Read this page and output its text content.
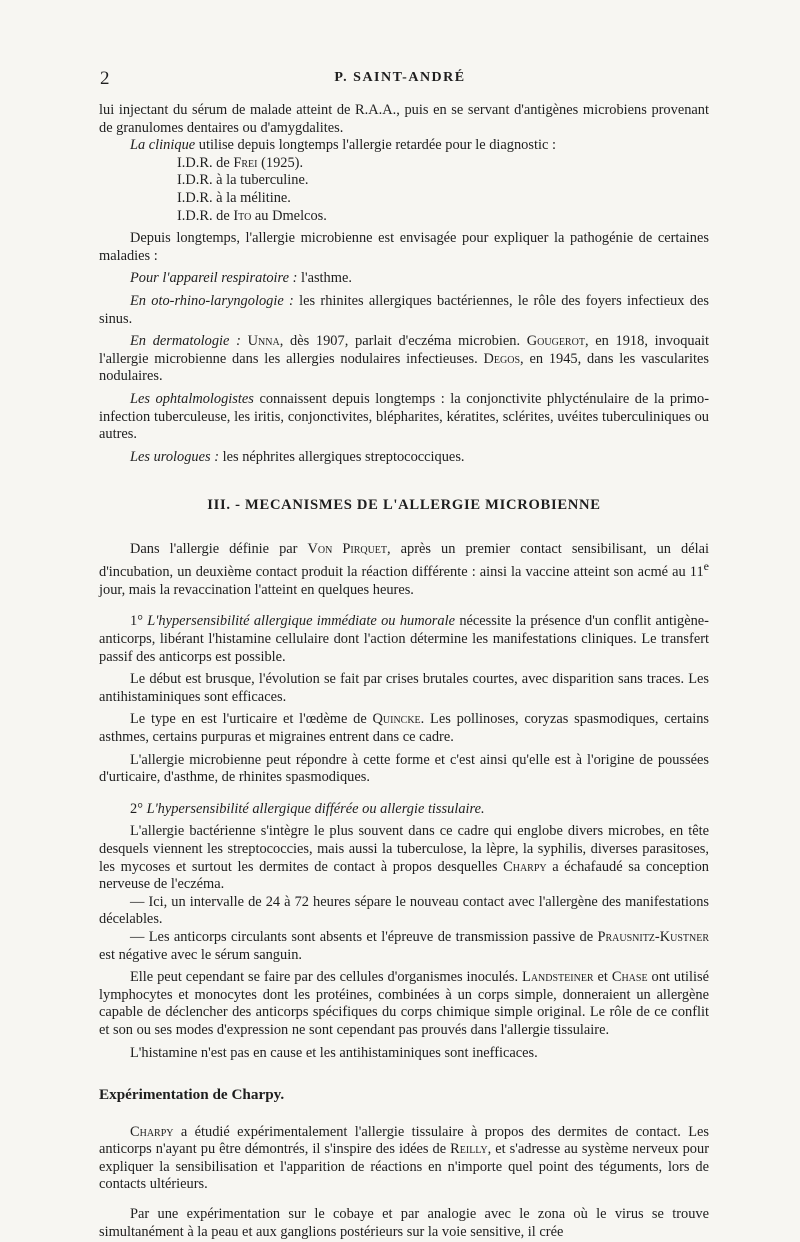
2	P. SAINT-ANDRÉ

lui injectant du sérum de malade atteint de R.A.A., puis en se servant d'antigènes microbiens provenant de granulomes dentaires ou d'amygdalites.

La clinique utilise depuis longtemps l'allergie retardée pour le diagnostic :

I.D.R. de Frei (1925).
I.D.R. à la tuberculine.
I.D.R. à la mélitine.
I.D.R. de Ito au Dmelcos.

Depuis longtemps, l'allergie microbienne est envisagée pour expliquer la pathogénie de certaines maladies :

Pour l'appareil respiratoire : l'asthme.

En oto-rhino-laryngologie : les rhinites allergiques bactériennes, le rôle des foyers infectieux des sinus.

En dermatologie : Unna, dès 1907, parlait d'eczéma microbien. Gougerot, en 1918, invoquait l'allergie microbienne dans les allergies nodulaires infectieuses. Degos, en 1945, dans les vascularites nodulaires.

Les ophtalmologistes connaissent depuis longtemps : la conjonctivite phlycténulaire de la primo-infection tuberculeuse, les iritis, conjonctivites, blépharites, kératites, sclérites, uvéites tuberculiniques ou autres.

Les urologues : les néphrites allergiques streptococciques.

III. - MECANISMES DE L'ALLERGIE MICROBIENNE

Dans l'allergie définie par Von Pirquet, après un premier contact sensibilisant, un délai d'incubation, un deuxième contact produit la réaction différente : ainsi la vaccine atteint son acmé au 11e jour, mais la revaccination l'atteint en quelques heures.

1° L'hypersensibilité allergique immédiate ou humorale nécessite la présence d'un conflit antigène-anticorps, libérant l'histamine cellulaire dont l'action détermine les manifestations cliniques. Le transfert passif des anticorps est possible.

Le début est brusque, l'évolution se fait par crises brutales courtes, avec disparition sans traces. Les antihistaminiques sont efficaces.

Le type en est l'urticaire et l'œdème de Quincke. Les pollinoses, coryzas spasmodiques, certains asthmes, certains purpuras et migraines entrent dans ce cadre.

L'allergie microbienne peut répondre à cette forme et c'est ainsi qu'elle est à l'origine de poussées d'urticaire, d'asthme, de rhinites spasmodiques.

2° L'hypersensibilité allergique différée ou allergie tissulaire.

L'allergie bactérienne s'intègre le plus souvent dans ce cadre qui englobe divers microbes, en tête desquels viennent les streptococcies, mais aussi la tuberculose, la lèpre, la syphilis, diverses parasitoses, les mycoses et surtout les dermites de contact à propos desquelles Charpy a échafaudé sa conception nerveuse de l'eczéma.

— Ici, un intervalle de 24 à 72 heures sépare le nouveau contact avec l'allergène des manifestations décelables.

— Les anticorps circulants sont absents et l'épreuve de transmission passive de Prausnitz-Kustner est négative avec le sérum sanguin.

Elle peut cependant se faire par des cellules d'organismes inoculés. Landsteiner et Chase ont utilisé lymphocytes et monocytes dont les protéines, combinées à un corps simple, donneraient un allergène capable de déclencher des anticorps spécifiques du corps chimique simple original. Le rôle de ce conflit et son ou ses modes d'expression ne sont cependant pas prouvés dans l'allergie tissulaire.

L'histamine n'est pas en cause et les antihistaminiques sont inefficaces.

Expérimentation de Charpy.

Charpy a étudié expérimentalement l'allergie tissulaire à propos des dermites de contact. Les anticorps n'ayant pu être démontrés, il s'inspire des idées de Reilly, et s'adresse au système nerveux pour expliquer la sensibilisation et l'apparition de réactions en n'importe quel point des téguments, lors de contacts ultérieurs.

Par une expérimentation sur le cobaye et par analogie avec le zona où le virus se trouve simultanément à la peau et aux ganglions postérieurs sur la voie sensitive, il crée
